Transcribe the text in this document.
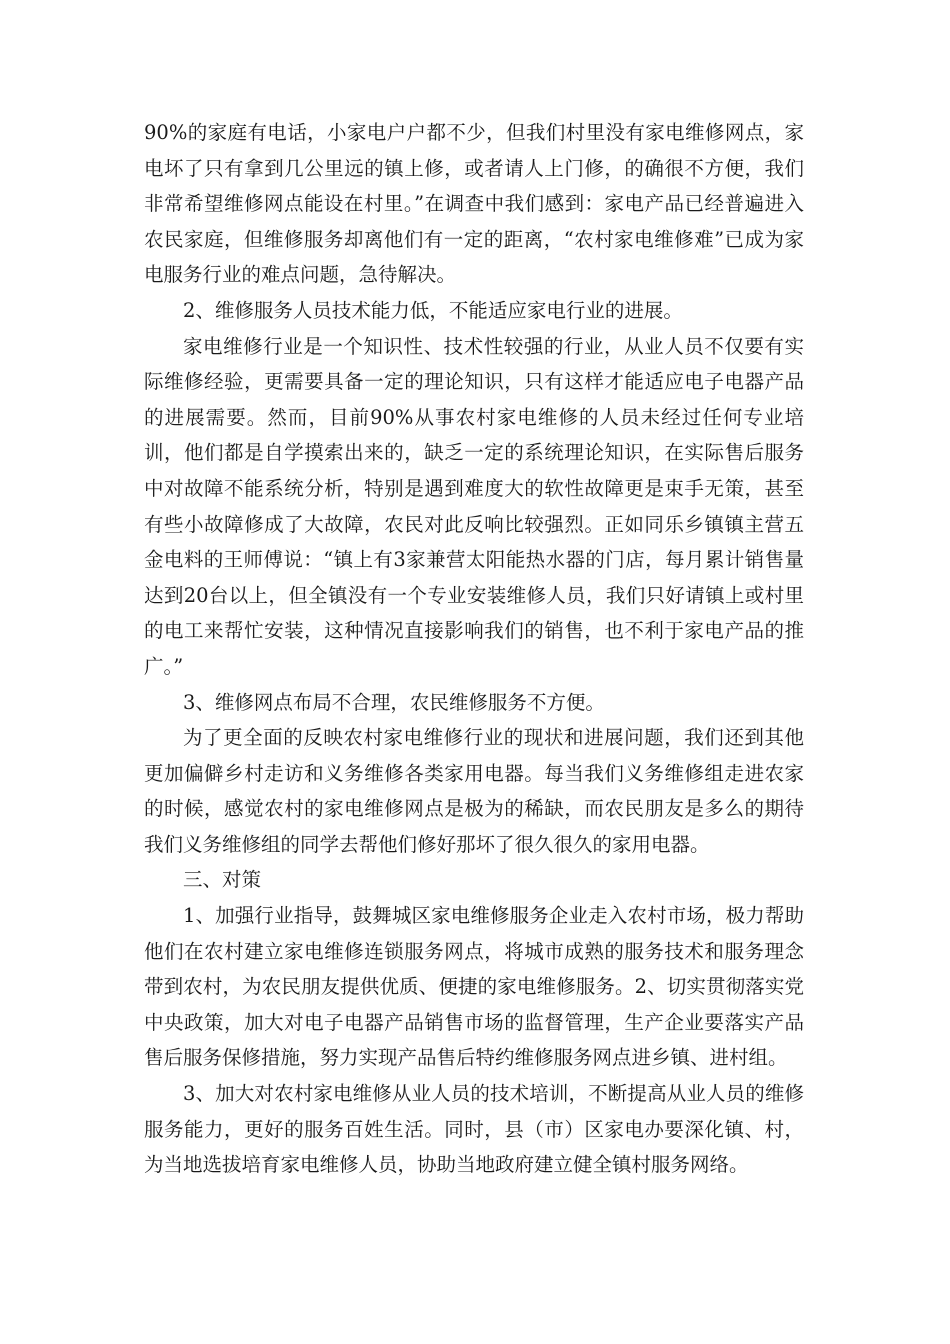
90%的家庭有电话，小家电户户都不少，但我们村里没有家电维修网点，家电坏了只有拿到几公里远的镇上修，或者请人上门修，的确很不方便，我们非常希望维修网点能设在村里。”在调查中我们感到：家电产品已经普遍进入农民家庭，但维修服务却离他们有一定的距离，“农村家电维修难”已成为家电服务行业的难点问题，急待解决。

2、维修服务人员技术能力低，不能适应家电行业的进展。

家电维修行业是一个知识性、技术性较强的行业，从业人员不仅要有实际维修经验，更需要具备一定的理论知识，只有这样才能适应电子电器产品的进展需要。然而，目前90%从事农村家电维修的人员未经过任何专业培训，他们都是自学摸索出来的，缺乏一定的系统理论知识，在实际售后服务中对故障不能系统分析，特别是遇到难度大的软性故障更是束手无策，甚至有些小故障修成了大故障，农民对此反响比较强烈。正如同乐乡镇镇主营五金电料的王师傅说：“镇上有3家兼营太阳能热水器的门店，每月累计销售量达到20台以上，但全镇没有一个专业安装维修人员，我们只好请镇上或村里的电工来帮忙安装，这种情况直接影响我们的销售，也不利于家电产品的推广。”

3、维修网点布局不合理，农民维修服务不方便。

为了更全面的反映农村家电维修行业的现状和进展问题，我们还到其他更加偏僻乡村走访和义务维修各类家用电器。每当我们义务维修组走进农家的时候，感觉农村的家电维修网点是极为的稀缺，而农民朋友是多么的期待我们义务维修组的同学去帮他们修好那坏了很久很久的家用电器。

三、对策

1、加强行业指导，鼓舞城区家电维修服务企业走入农村市场，极力帮助他们在农村建立家电维修连锁服务网点，将城市成熟的服务技术和服务理念带到农村，为农民朋友提供优质、便捷的家电维修服务。2、切实贯彻落实党中央政策，加大对电子电器产品销售市场的监督管理，生产企业要落实产品售后服务保修措施，努力实现产品售后特约维修服务网点进乡镇、进村组。

3、加大对农村家电维修从业人员的技术培训，不断提高从业人员的维修服务能力，更好的服务百姓生活。同时，县（市）区家电办要深化镇、村，为当地选拔培育家电维修人员，协助当地政府建立健全镇村服务网络。
